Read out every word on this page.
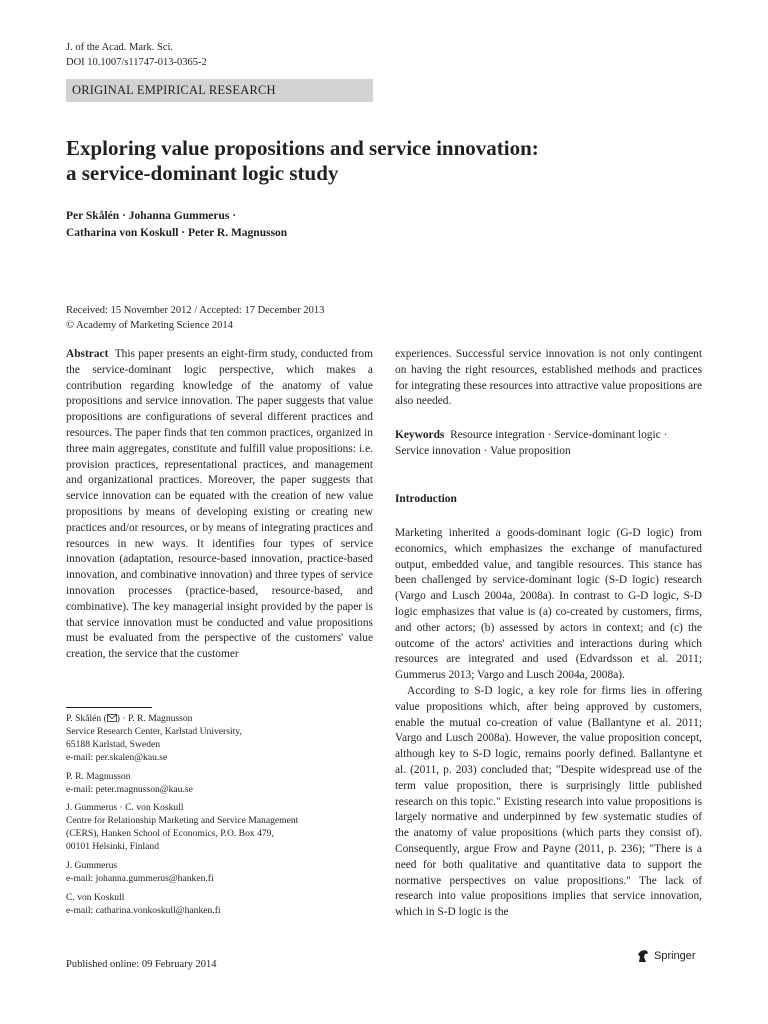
J. of the Acad. Mark. Sci.
DOI 10.1007/s11747-013-0365-2
ORIGINAL EMPIRICAL RESEARCH
Exploring value propositions and service innovation:
a service-dominant logic study
Per Skålén · Johanna Gummerus ·
Catharina von Koskull · Peter R. Magnusson
Received: 15 November 2012 / Accepted: 17 December 2013
© Academy of Marketing Science 2014

Abstract This paper presents an eight-firm study, conducted from the service-dominant logic perspective, which makes a contribution regarding knowledge of the anatomy of value propositions and service innovation. The paper suggests that value propositions are configurations of several different practices and resources. The paper finds that ten common practices, organized in three main aggregates, constitute and fulfill value propositions: i.e. provision practices, representational practices, and management and organizational practices. Moreover, the paper suggests that service innovation can be equated with the creation of new value propositions by means of developing existing or creating new practices and/or resources, or by means of integrating practices and resources in new ways. It identifies four types of service innovation (adaptation, resource-based innovation, practice-based innovation, and combinative innovation) and three types of service innovation processes (practice-based, resource-based, and combinative). The key managerial insight provided by the paper is that service innovation must be conducted and value propositions must be evaluated from the perspective of the customers' value creation, the service that the customer

experiences. Successful service innovation is not only contingent on having the right resources, established methods and practices for integrating these resources into attractive value propositions are also needed.

Keywords Resource integration · Service-dominant logic · Service innovation · Value proposition
Introduction

Marketing inherited a goods-dominant logic (G-D logic) from economics, which emphasizes the exchange of manufactured output, embedded value, and tangible resources. This stance has been challenged by service-dominant logic (S-D logic) research (Vargo and Lusch 2004a, 2008a). In contrast to G-D logic, S-D logic emphasizes that value is (a) co-created by customers, firms, and other actors; (b) assessed by actors in context; and (c) the outcome of the actors' activities and interactions during which resources are integrated and used (Edvardsson et al. 2011; Gummerus 2013; Vargo and Lusch 2004a, 2008a).

According to S-D logic, a key role for firms lies in offering value propositions which, after being approved by customers, enable the mutual co-creation of value (Ballantyne et al. 2011; Vargo and Lusch 2008a). However, the value proposition concept, although key to S-D logic, remains poorly defined. Ballantyne et al. (2011, p. 203) concluded that; "Despite widespread use of the term value proposition, there is surprisingly little published research on this topic." Existing research into value propositions is largely normative and underpinned by few systematic studies of the anatomy of value propositions (which parts they consist of). Consequently, argue Frow and Payne (2011, p. 236); "There is a need for both qualitative and quantitative data to support the normative perspectives on value propositions." The lack of research into value propositions implies that service innovation, which in S-D logic is the

P. Skålén ( ) · P. R. Magnusson
Service Research Center, Karlstad University,
65188 Karlstad, Sweden
e-mail: per.skalen@kau.se
P. R. Magnusson
e-mail: peter.magnusson@kau.se
J. Gummerus · C. von Koskull
Centre for Relationship Marketing and Service Management
(CERS), Hanken School of Economics, P.O. Box 479,
00101 Helsinki, Finland
J. Gummerus
e-mail: johanna.gummerus@hanken.fi
C. von Koskull
e-mail: catharina.vonkoskull@hanken.fi
Published online: 09 February 2014
Springer
